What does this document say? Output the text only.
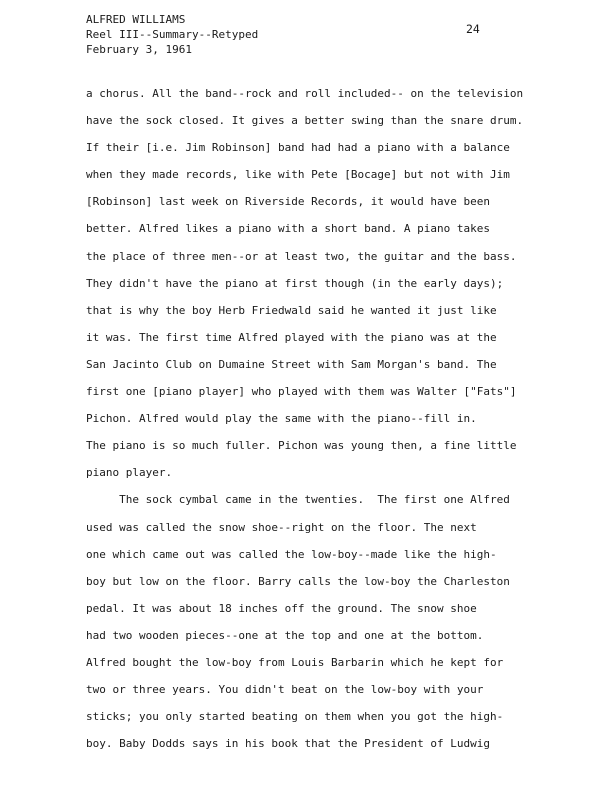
ALFRED WILLIAMS
Reel III--Summary--Retyped
February 3, 1961
24
a chorus. All the band--rock and roll included-- on the television
have the sock closed. It gives a better swing than the snare drum.
If their [i.e. Jim Robinson] band had had a piano with a balance
when they made records, like with Pete [Bocage] but not with Jim
[Robinson] last week on Riverside Records, it would have been
better. Alfred likes a piano with a short band. A piano takes
the place of three men--or at least two, the guitar and the bass.
They didn't have the piano at first though (in the early days);
that is why the boy Herb Friedwald said he wanted it just like
it was. The first time Alfred played with the piano was at the
San Jacinto Club on Dumaine Street with Sam Morgan's band. The
first one [piano player] who played with them was Walter ["Fats"]
Pichon. Alfred would play the same with the piano--fill in.
The piano is so much fuller. Pichon was young then, a fine little
piano player.
The sock cymbal came in the twenties.  The first one Alfred
used was called the snow shoe--right on the floor. The next
one which came out was called the low-boy--made like the high-
boy but low on the floor. Barry calls the low-boy the Charleston
pedal. It was about 18 inches off the ground. The snow shoe
had two wooden pieces--one at the top and one at the bottom.
Alfred bought the low-boy from Louis Barbarin which he kept for
two or three years. You didn't beat on the low-boy with your
sticks; you only started beating on them when you got the high-
boy. Baby Dodds says in his book that the President of Ludwig
